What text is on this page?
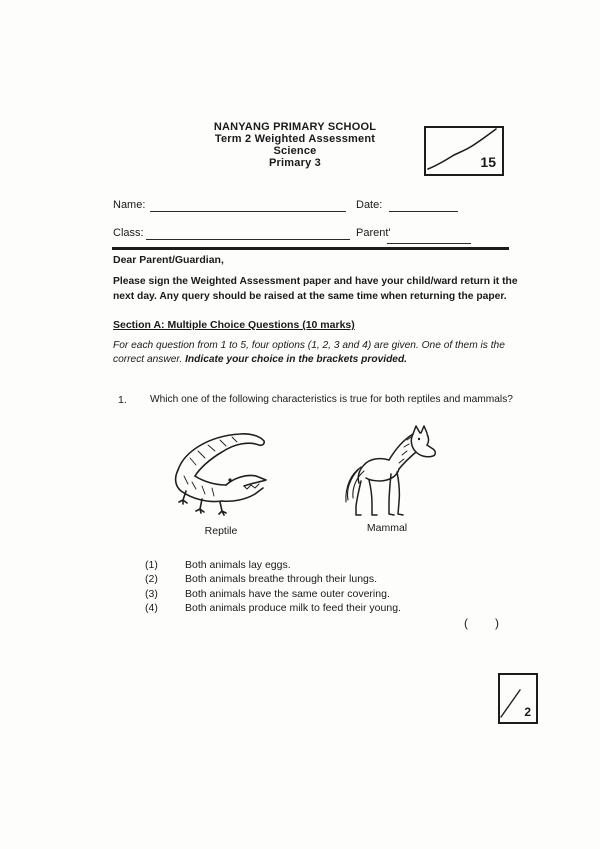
NANYANG PRIMARY SCHOOL
Term 2 Weighted Assessment
Science
Primary 3	15
Name:	Date:
Class:	Parent'
Dear Parent/Guardian,
Please sign the Weighted Assessment paper and have your child/ward return it the next day. Any query should be raised at the same time when returning the paper.
Section A: Multiple Choice Questions (10 marks)
For each question from 1 to 5, four options (1, 2, 3 and 4) are given. One of them is the correct answer. Indicate your choice in the brackets provided.
1. Which one of the following characteristics is true for both reptiles and mammals?
Reptile	Mammal
(1)	Both animals lay eggs.
(2)	Both animals breathe through their lungs.
(3)	Both animals have the same outer covering.
(4)	Both animals produce milk to feed their young.
(      )
2
